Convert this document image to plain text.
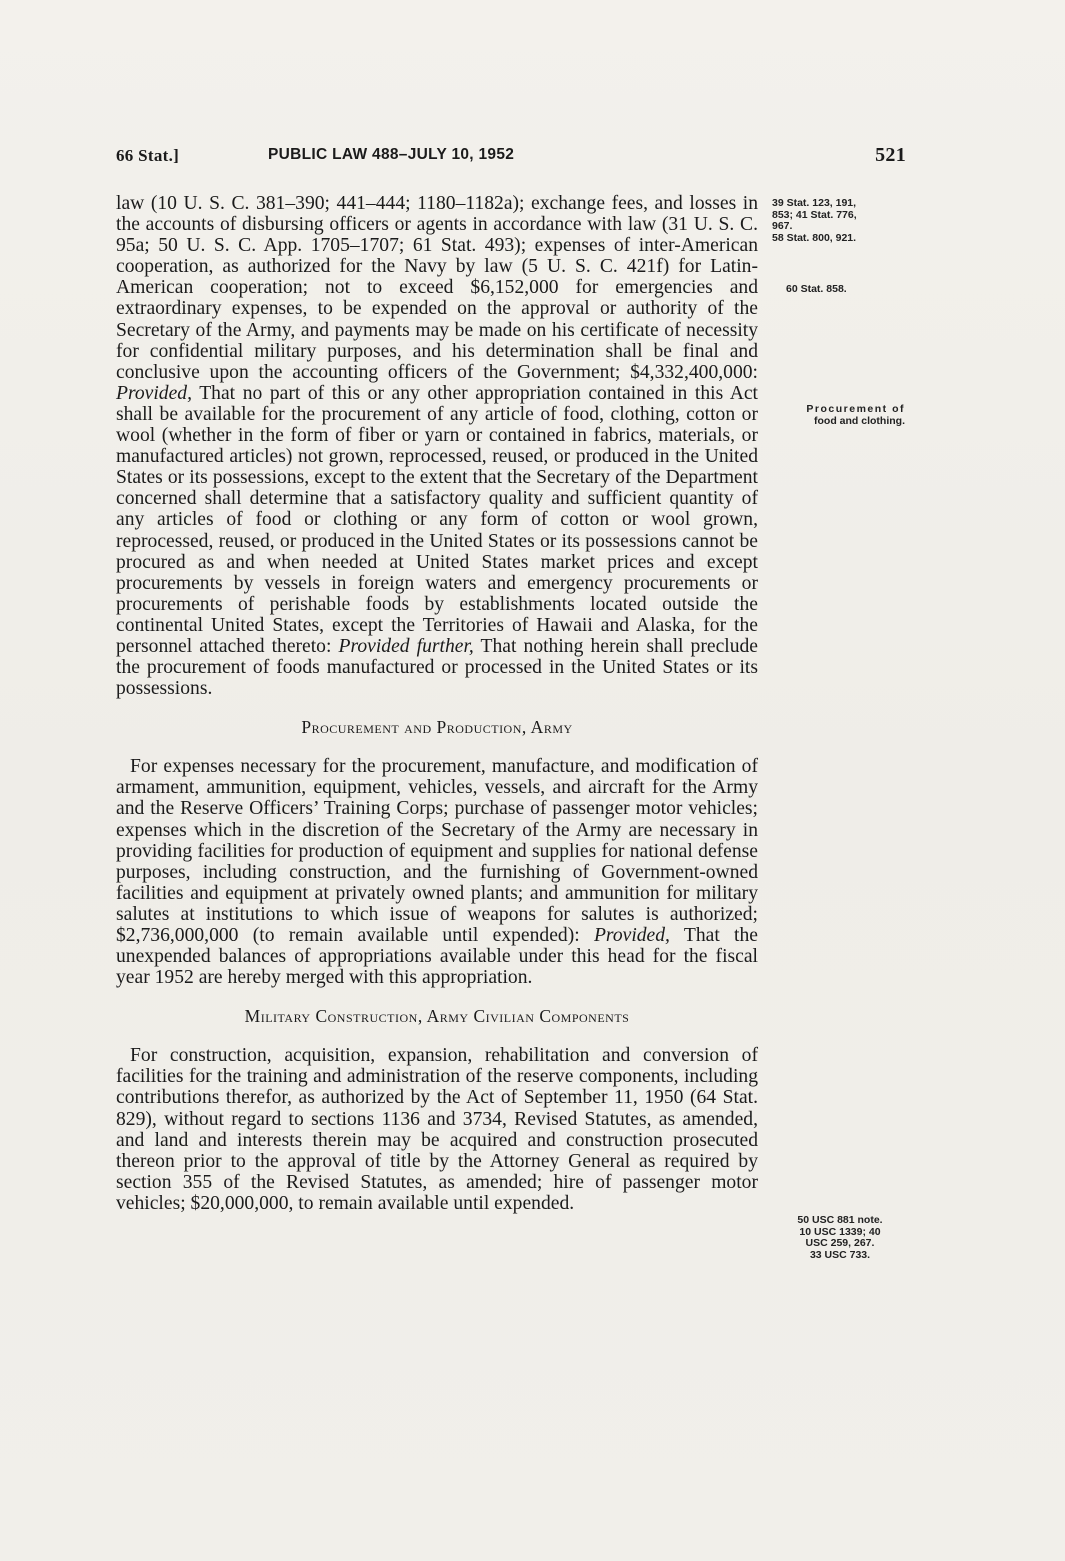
66 Stat.]	PUBLIC LAW 488–JULY 10, 1952	521

law (10 U. S. C. 381–390; 441–444; 1180–1182a); exchange fees, and losses in the accounts of disbursing officers or agents in accordance with law (31 U. S. C. 95a; 50 U. S. C. App. 1705–1707; 61 Stat. 493); expenses of inter-American cooperation, as authorized for the Navy by law (5 U. S. C. 421f) for Latin-American cooperation; not to exceed $6,152,000 for emergencies and extraordinary expenses, to be expended on the approval or authority of the Secretary of the Army, and payments may be made on his certificate of necessity for confidential military purposes, and his determination shall be final and conclusive upon the accounting officers of the Government; $4,332,400,000: Provided, That no part of this or any other appropriation contained in this Act shall be available for the procurement of any article of food, clothing, cotton or wool (whether in the form of fiber or yarn or contained in fabrics, materials, or manufactured articles) not grown, reprocessed, reused, or produced in the United States or its possessions, except to the extent that the Secretary of the Department concerned shall determine that a satisfactory quality and sufficient quantity of any articles of food or clothing or any form of cotton or wool grown, reprocessed, reused, or produced in the United States or its possessions cannot be procured as and when needed at United States market prices and except procurements by vessels in foreign waters and emergency procurements or procurements of perishable foods by establishments located outside the continental United States, except the Territories of Hawaii and Alaska, for the personnel attached thereto: Provided further, That nothing herein shall preclude the procurement of foods manufactured or processed in the United States or its possessions.

Procurement and Production, Army

For expenses necessary for the procurement, manufacture, and modification of armament, ammunition, equipment, vehicles, vessels, and aircraft for the Army and the Reserve Officers’ Training Corps; purchase of passenger motor vehicles; expenses which in the discretion of the Secretary of the Army are necessary in providing facilities for production of equipment and supplies for national defense purposes, including construction, and the furnishing of Government-owned facilities and equipment at privately owned plants; and ammunition for military salutes at institutions to which issue of weapons for salutes is authorized; $2,736,000,000 (to remain available until expended): Provided, That the unexpended balances of appropriations available under this head for the fiscal year 1952 are hereby merged with this appropriation.

Military Construction, Army Civilian Components

For construction, acquisition, expansion, rehabilitation and conversion of facilities for the training and administration of the reserve components, including contributions therefor, as authorized by the Act of September 11, 1950 (64 Stat. 829), without regard to sections 1136 and 3734, Revised Statutes, as amended, and land and interests therein may be acquired and construction prosecuted thereon prior to the approval of title by the Attorney General as required by section 355 of the Revised Statutes, as amended; hire of passenger motor vehicles; $20,000,000, to remain available until expended.

39 Stat. 123, 191,
853; 41 Stat. 776,
967.
58 Stat. 800, 921.
60 Stat. 858.
Procurement of
food and clothing.
50 USC 881 note.
10 USC 1339; 40
USC 259, 267.
33 USC 733.
